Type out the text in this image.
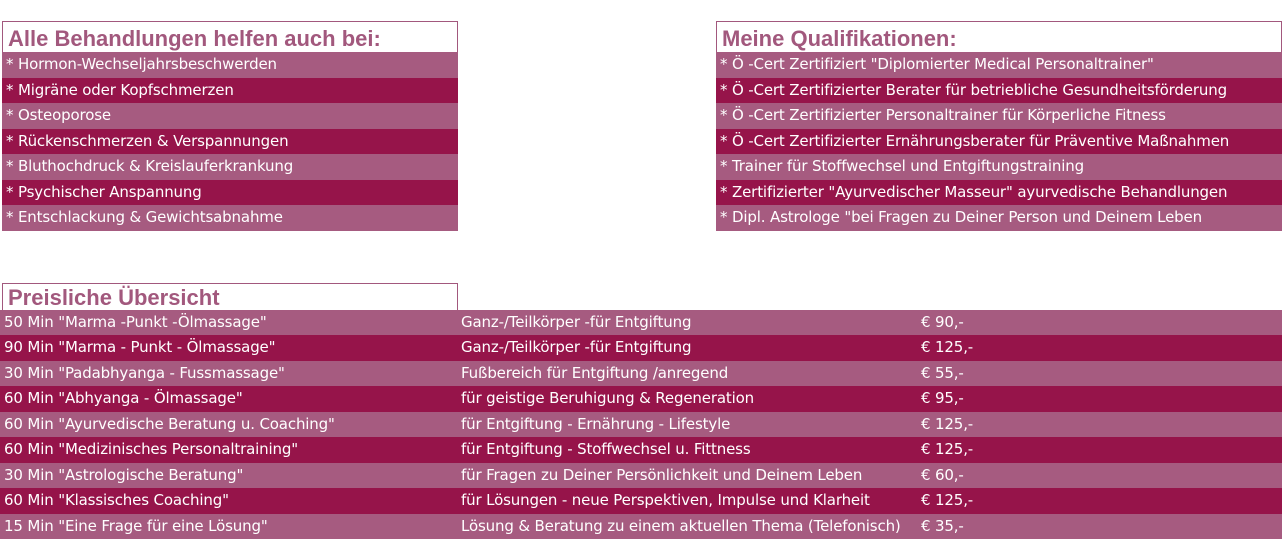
Alle Behandlungen helfen auch bei:
* Hormon-Wechseljahrsbeschwerden
* Migräne oder Kopfschmerzen
* Osteoporose
* Rückenschmerzen & Verspannungen
* Bluthochdruck & Kreislauferkrankung
* Psychischer Anspannung
* Entschlackung & Gewichtsabnahme
Meine Qualifikationen:
* Ö -Cert Zertifiziert "Diplomierter Medical Personaltrainer"
* Ö -Cert Zertifizierter Berater für betriebliche Gesundheitsförderung
* Ö -Cert Zertifizierter Personaltrainer für Körperliche Fitness
* Ö -Cert Zertifizierter Ernährungsberater für Präventive Maßnahmen
* Trainer für Stoffwechsel und Entgiftungstraining
* Zertifizierter "Ayurvedischer Masseur" ayurvedische Behandlungen
* Dipl. Astrologe "bei Fragen zu Deiner Person und Deinem Leben
Preisliche Übersicht
50 Min "Marma -Punkt -Ölmassage"	Ganz-/Teilkörper -für Entgiftung	€ 90,-
90 Min "Marma - Punkt - Ölmassage"	Ganz-/Teilkörper -für Entgiftung	€ 125,-
30 Min "Padabhyanga - Fussmassage"	Fußbereich für Entgiftung /anregend	€ 55,-
60 Min "Abhyanga - Ölmassage"	für geistige Beruhigung & Regeneration	€ 95,-
60 Min "Ayurvedische Beratung u. Coaching"	für Entgiftung - Ernährung - Lifestyle	€ 125,-
60 Min "Medizinisches Personaltraining"	für Entgiftung - Stoffwechsel u. Fittness	€ 125,-
30 Min "Astrologische Beratung"	für Fragen zu Deiner Persönlichkeit und Deinem Leben	€ 60,-
60 Min "Klassisches Coaching"	für Lösungen - neue Perspektiven, Impulse und Klarheit	€ 125,-
15 Min "Eine Frage für eine Lösung"	Lösung & Beratung zu einem aktuellen Thema (Telefonisch) € 35,-
